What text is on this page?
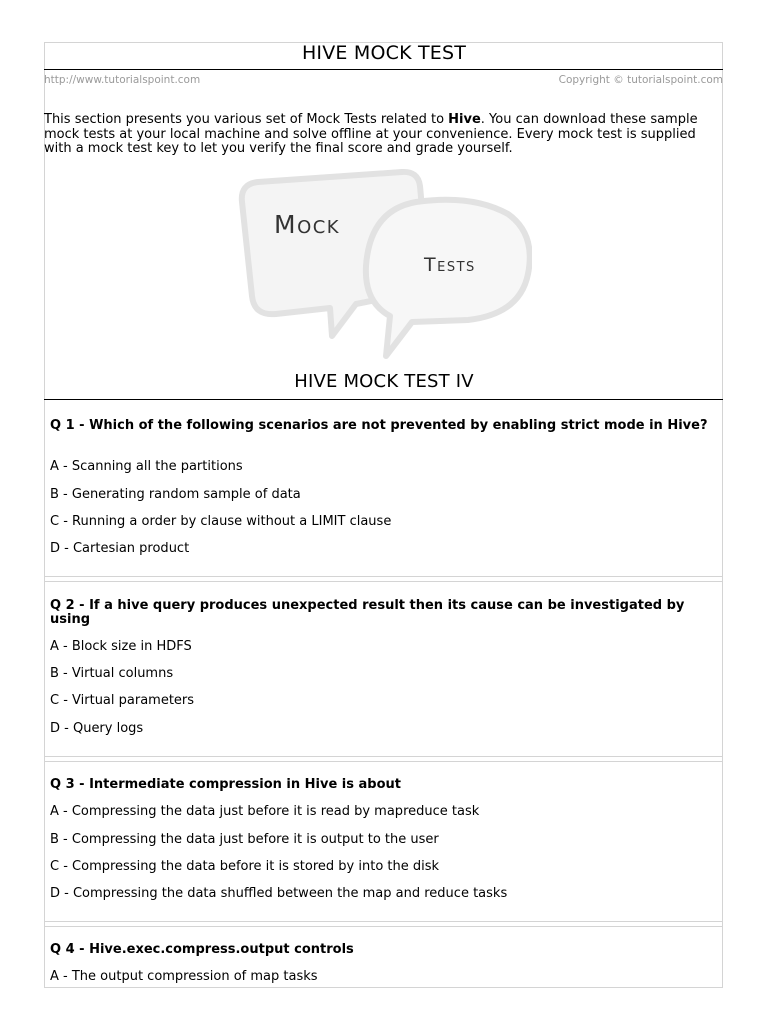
HIVE MOCK TEST
http://www.tutorialspoint.com	Copyright © tutorialspoint.com
This section presents you various set of Mock Tests related to Hive. You can download these sample mock tests at your local machine and solve offline at your convenience. Every mock test is supplied with a mock test key to let you verify the final score and grade yourself.
Mock
Tests
HIVE MOCK TEST IV
Q 1 - Which of the following scenarios are not prevented by enabling strict mode in Hive?
A - Scanning all the partitions
B - Generating random sample of data
C - Running a order by clause without a LIMIT clause
D - Cartesian product
Q 2 - If a hive query produces unexpected result then its cause can be investigated by using
A - Block size in HDFS
B - Virtual columns
C - Virtual parameters
D - Query logs
Q 3 - Intermediate compression in Hive is about
A - Compressing the data just before it is read by mapreduce task
B - Compressing the data just before it is output to the user
C - Compressing the data before it is stored by into the disk
D - Compressing the data shuffled between the map and reduce tasks
Q 4 - Hive.exec.compress.output controls
A - The output compression of map tasks
